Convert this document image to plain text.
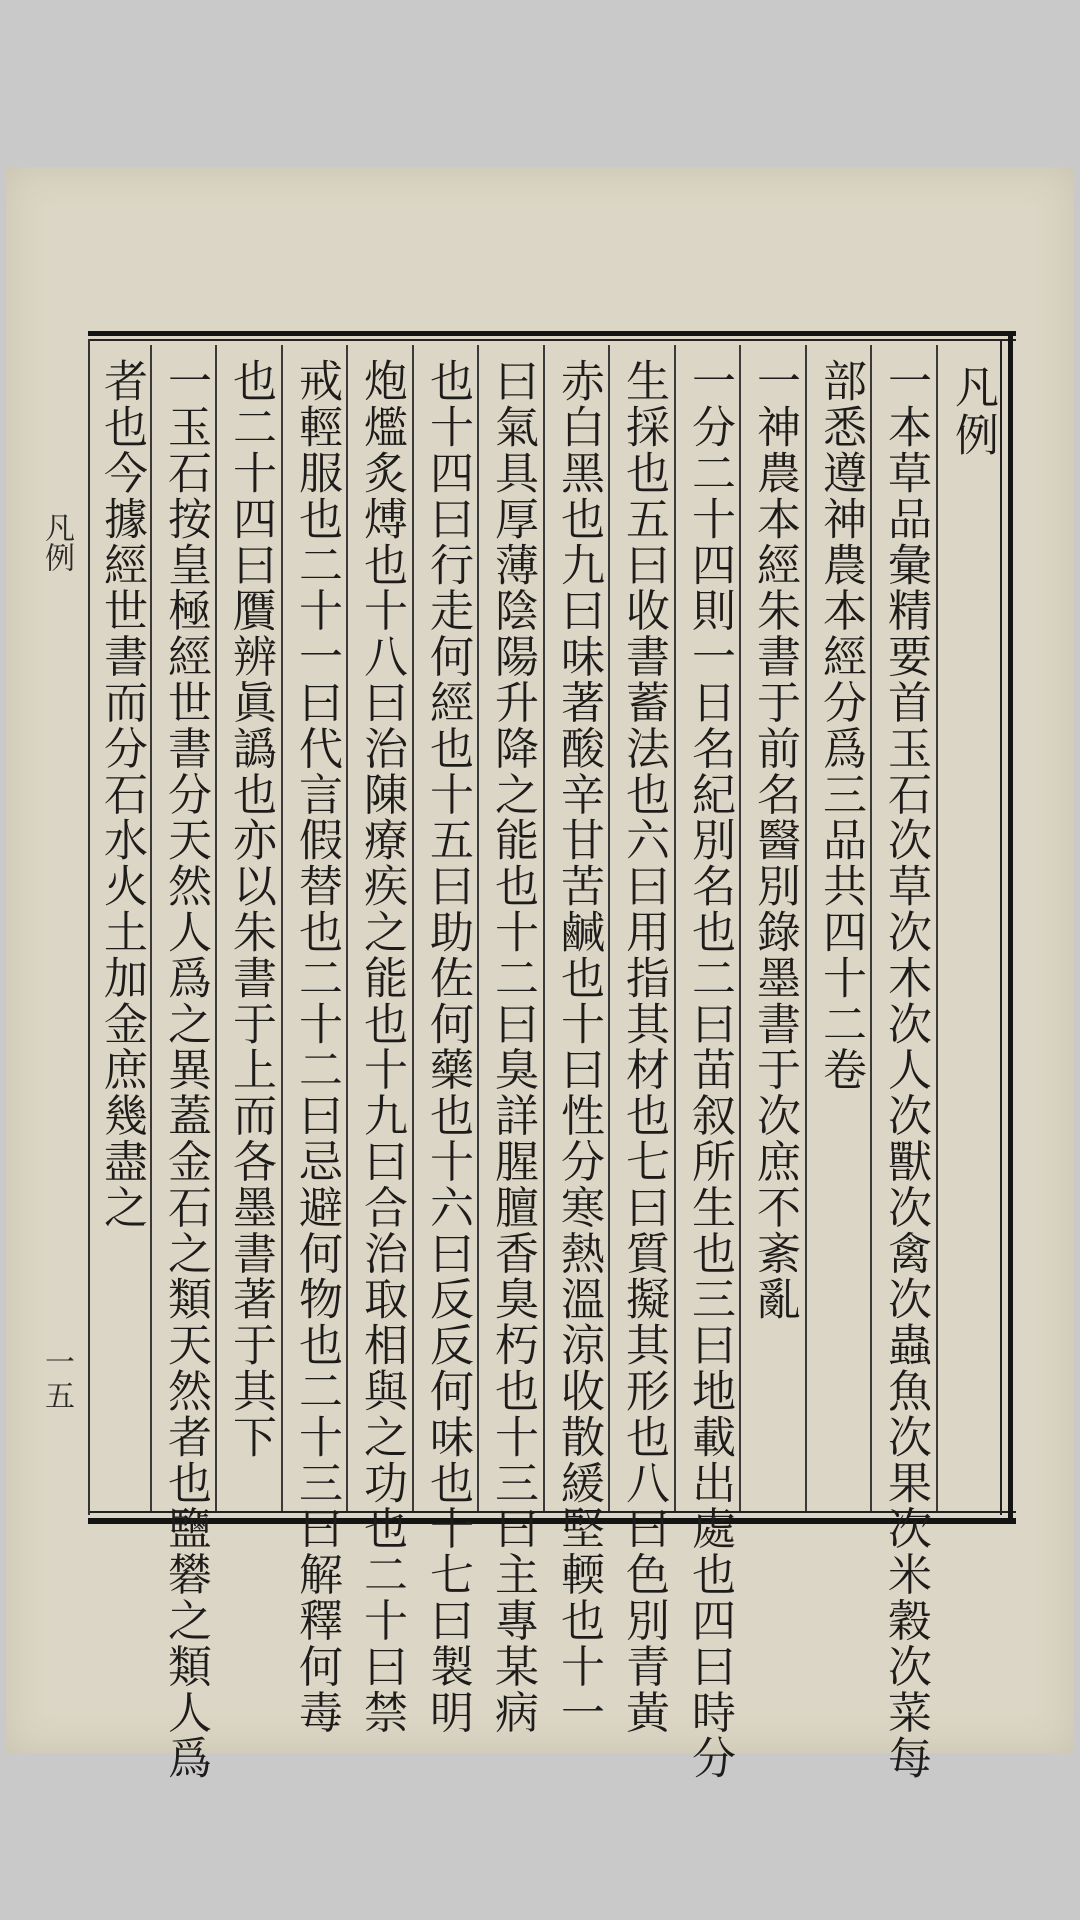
凡例

一本草品彙精要首玉石次草次木次人次獸次禽次蟲魚次果次米穀次菜每

部悉遵神農本經分爲三品共四十二卷

一神農本經朱書于前名醫別錄墨書于次庶不紊亂

一分二十四則一日名紀別名也二曰苗叙所生也三曰地載出處也四曰時分

生採也五曰收書蓄法也六曰用指其材也七曰質擬其形也八曰色別青黃

赤白黑也九曰味著酸辛甘苦鹹也十曰性分寒熱溫涼收散緩堅輭也十一

曰氣具厚薄陰陽升降之能也十二曰臭詳腥膻香臭朽也十三曰主專某病

也十四曰行走何經也十五曰助佐何藥也十六曰反反何味也十七曰製明

炮爁炙煿也十八曰治陳療疾之能也十九曰合治取相與之功也二十曰禁

戒輕服也二十一曰代言假替也二十二曰忌避何物也二十三曰解釋何毒

也二十四曰贋辨眞譌也亦以朱書于上而各墨書著于其下

一玉石按皇極經世書分天然人爲之異蓋金石之類天然者也鹽礬之類人爲

者也今據經世書而分石水火土加金庶幾盡之

凡例

一五
